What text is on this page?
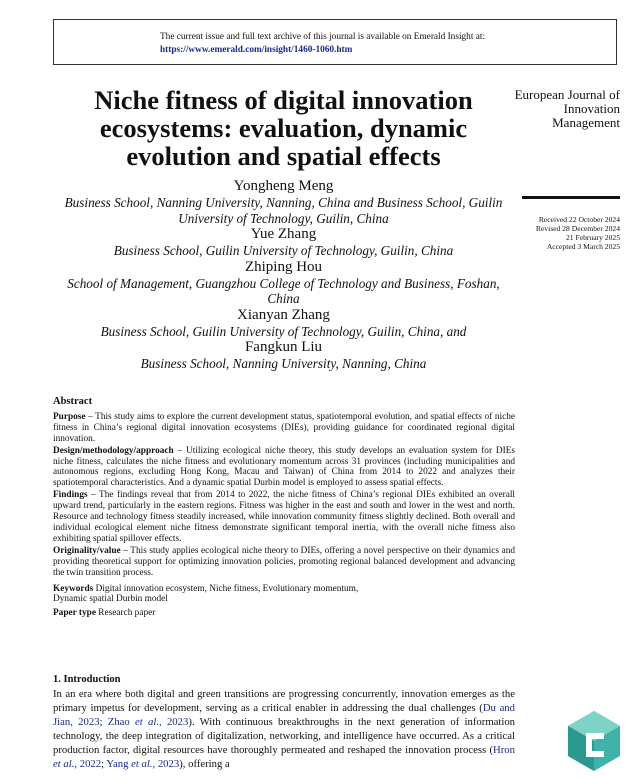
The current issue and full text archive of this journal is available on Emerald Insight at:
https://www.emerald.com/insight/1460-1060.htm
Niche fitness of digital innovation ecosystems: evaluation, dynamic evolution and spatial effects
Yongheng Meng
Business School, Nanning University, Nanning, China and Business School, Guilin University of Technology, Guilin, China
Yue Zhang
Business School, Guilin University of Technology, Guilin, China
Zhiping Hou
School of Management, Guangzhou College of Technology and Business, Foshan, China
Xianyan Zhang
Business School, Guilin University of Technology, Guilin, China, and
Fangkun Liu
Business School, Nanning University, Nanning, China
European Journal of Innovation Management
Received 22 October 2024
Revised 28 December 2024
21 February 2025
Accepted 3 March 2025
Abstract
Purpose – This study aims to explore the current development status, spatiotemporal evolution, and spatial effects of niche fitness in China’s regional digital innovation ecosystems (DIEs), providing guidance for coordinated regional digital innovation.
Design/methodology/approach – Utilizing ecological niche theory, this study develops an evaluation system for DIEs niche fitness, calculates the niche fitness and evolutionary momentum across 31 provinces (including municipalities and autonomous regions, excluding Hong Kong, Macau and Taiwan) of China from 2014 to 2022 and analyzes their spatiotemporal characteristics. And a dynamic spatial Durbin model is employed to assess spatial effects.
Findings – The findings reveal that from 2014 to 2022, the niche fitness of China’s regional DIEs exhibited an overall upward trend, particularly in the eastern regions. Fitness was higher in the east and south and lower in the west and north. Resource and technology fitness steadily increased, while innovation community fitness slightly declined. Both overall and individual ecological element niche fitness demonstrate significant temporal inertia, with the overall niche fitness also exhibiting spatial spillover effects.
Originality/value – This study applies ecological niche theory to DIEs, offering a novel perspective on their dynamics and providing theoretical support for optimizing innovation policies, promoting regional balanced development and advancing the twin transition process.
Keywords Digital innovation ecosystem, Niche fitness, Evolutionary momentum,
Dynamic spatial Durbin model
Paper type Research paper
1. Introduction
In an era where both digital and green transitions are progressing concurrently, innovation emerges as the primary impetus for development, serving as a critical enabler in addressing the dual challenges (Du and Jian, 2023; Zhao et al., 2023). With continuous breakthroughs in the next generation of information technology, the deep integration of digitalization, networking, and intelligence have occurred. As a critical production factor, digital resources have thoroughly permeated and reshaped the innovation process (Hron et al., 2022; Yang et al., 2023), offering a
